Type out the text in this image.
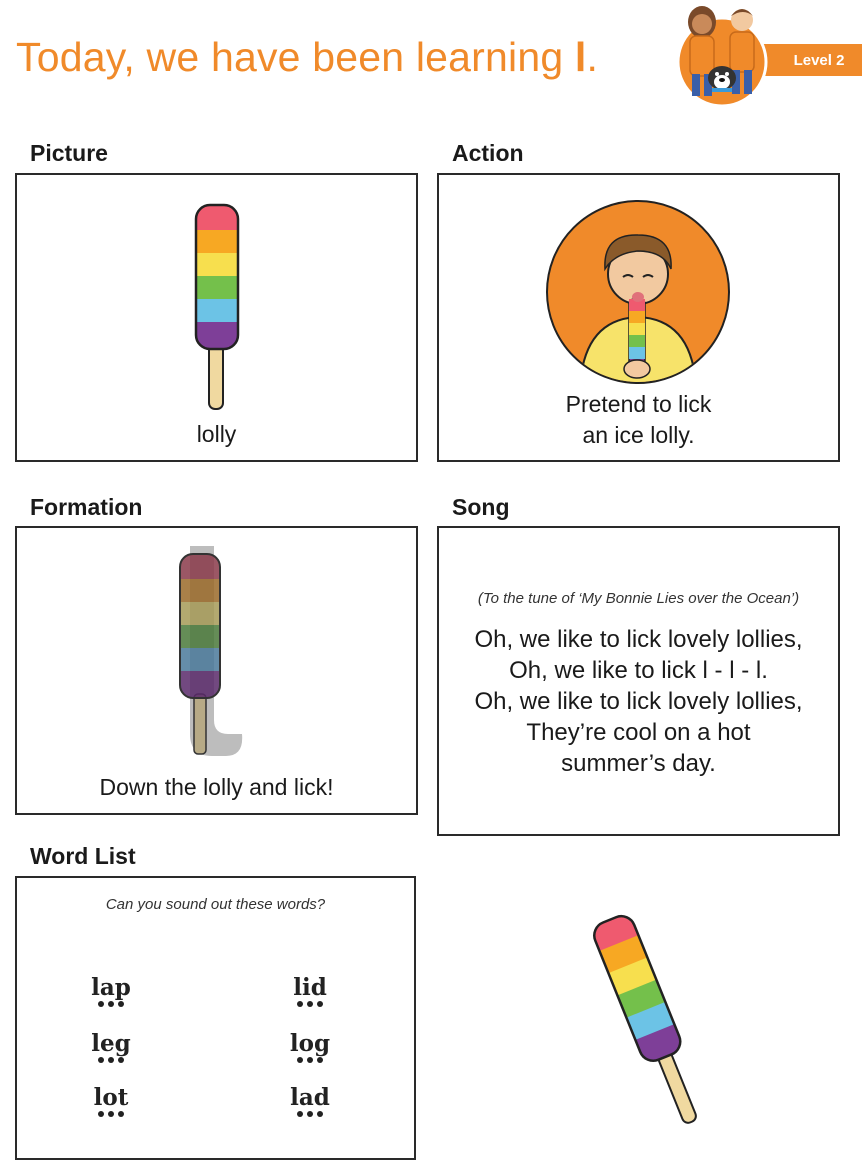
Today, we have been learning l.	Level 2
Picture
lolly
Action
Pretend to lick
an ice lolly.
Formation
Down the lolly and lick!
Song
(To the tune of ‘My Bonnie Lies over the Ocean’)
Oh, we like to lick lovely lollies,
Oh, we like to lick l - l - l.
Oh, we like to lick lovely lollies,
They’re cool on a hot
summer’s day.
Word List
Can you sound out these words?
lap	lid
leg	log
lot	lad
